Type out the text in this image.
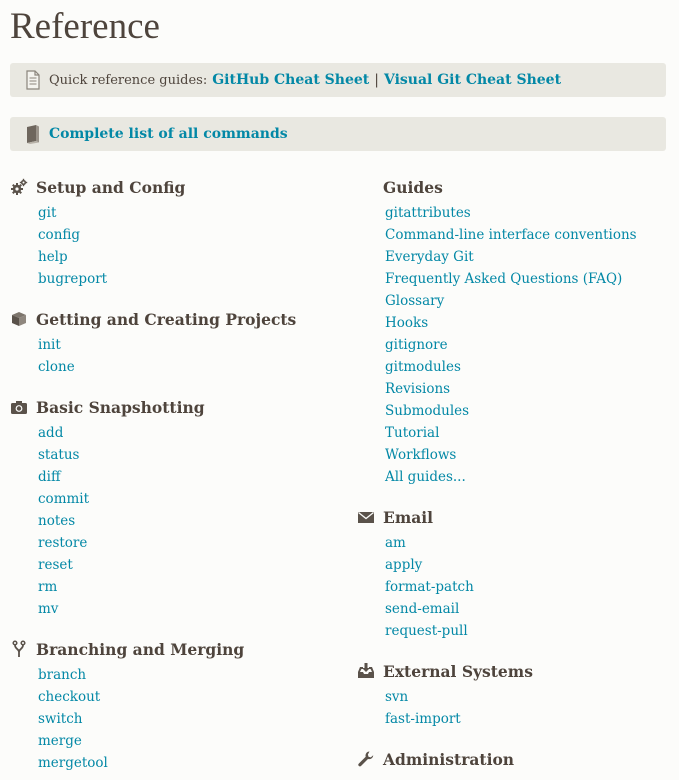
Reference
Quick reference guides: GitHub Cheat Sheet | Visual Git Cheat Sheet
Complete list of all commands
Setup and Config
git
config
help
bugreport
Getting and Creating Projects
init
clone
Basic Snapshotting
add
status
diff
commit
notes
restore
reset
rm
mv
Branching and Merging
branch
checkout
switch
merge
mergetool
Guides
gitattributes
Command-line interface conventions
Everyday Git
Frequently Asked Questions (FAQ)
Glossary
Hooks
gitignore
gitmodules
Revisions
Submodules
Tutorial
Workflows
All guides...
Email
am
apply
format-patch
send-email
request-pull
External Systems
svn
fast-import
Administration
